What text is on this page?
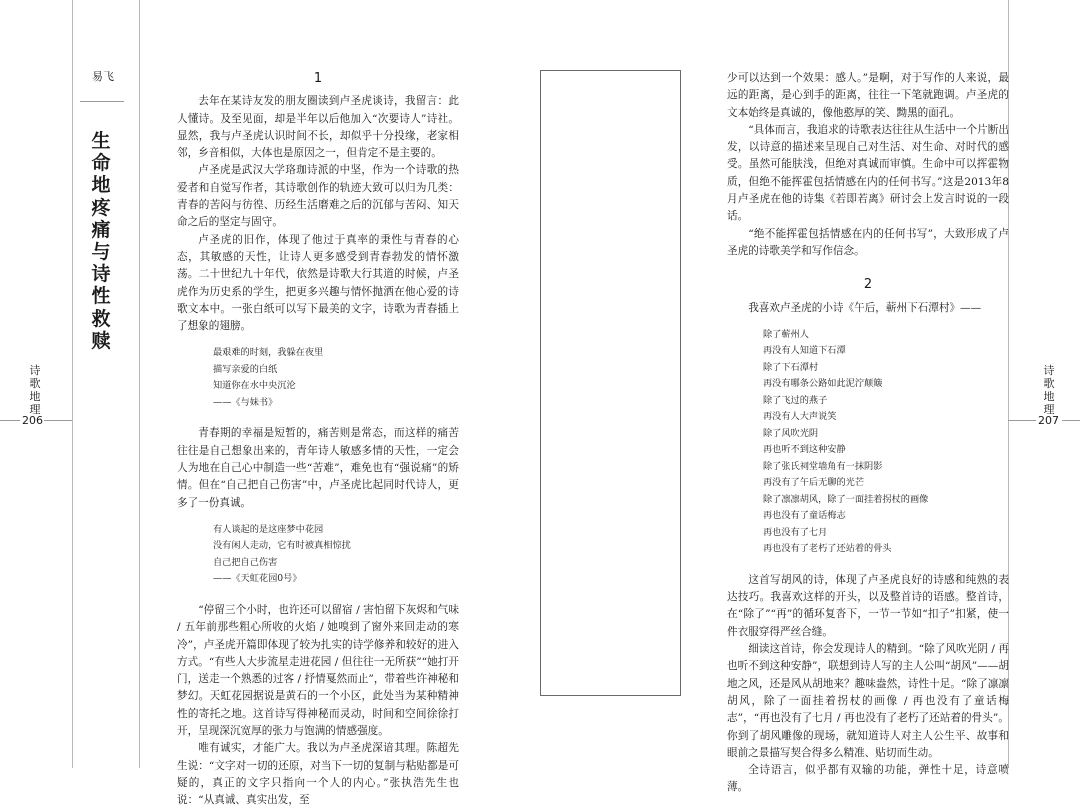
易飞
生
命
地
疼
痛
与
诗
性
救
赎
诗
歌
地
理
206
诗
歌
地
理
207
1

去年在某诗友发的朋友圈读到卢圣虎谈诗，我留言：此人懂诗。及至见面，却是半年以后他加入“次要诗人”诗社。显然，我与卢圣虎认识时间不长，却似乎十分投缘，老家相邻，乡音相似，大体也是原因之一，但肯定不是主要的。

卢圣虎是武汉大学珞珈诗派的中坚，作为一个诗歌的热爱者和自觉写作者，其诗歌创作的轨迹大致可以归为几类：青春的苦闷与彷徨、历经生活磨难之后的沉郁与苦闷、知天命之后的坚定与固守。

卢圣虎的旧作，体现了他过于真率的秉性与青春的心态，其敏感的天性，让诗人更多感受到青春勃发的情怀激荡。二十世纪九十年代，依然是诗歌大行其道的时候，卢圣虎作为历史系的学生，把更多兴趣与情怀抛洒在他心爱的诗歌文本中。一张白纸可以写下最美的文字，诗歌为青春插上了想象的翅膀。

最艰难的时刻，我躲在夜里
描写亲爱的白纸
知道你在水中央沉沦
——《与妹书》

青春期的幸福是短暂的，痛苦则是常态，而这样的痛苦往往是自己想象出来的，青年诗人敏感多情的天性，一定会人为地在自己心中制造一些“苦难”，难免也有“强说痛”的矫情。但在“自己把自己伤害”中，卢圣虎比起同时代诗人，更多了一份真诚。

有人谈起的是这座梦中花园
没有闲人走动，它有时被真相惊扰
自己把自己伤害
——《天虹花园0号》

“停留三个小时，也许还可以留宿 / 害怕留下灰烬和气味 / 五年前那些粗心所收的火焰 / 她嗅到了窗外来回走动的寒冷”，卢圣虎开篇即体现了较为扎实的诗学修养和较好的进入方式。“有些人大步流星走进花园 / 但往往一无所获”“她打开门，送走一个熟悉的过客 / 抒情戛然而止”，带着些许神秘和梦幻。天虹花园据说是黄石的一个小区，此处当为某种精神性的寄托之地。这首诗写得神秘而灵动，时间和空间徐徐打开，呈现深沉宽厚的张力与饱满的情感强度。

唯有诚实，才能广大。我以为卢圣虎深谙其理。陈超先生说：“文字对一切的还原，对当下一切的复制与粘贴都是可疑的，真正的文字只指向一个人的内心。”张执浩先生也说：“从真诚、真实出发，至

少可以达到一个效果：感人。”是啊，对于写作的人来说，最远的距离，是心到手的距离，往往一下笔就跑调。卢圣虎的文本始终是真诚的，像他憨厚的笑、黝黑的面孔。

“具体而言，我追求的诗歌表达往往从生活中一个片断出发，以诗意的描述来呈现自己对生活、对生命、对时代的感受。虽然可能肤浅，但绝对真诚而审慎。生命中可以挥霍物质，但绝不能挥霍包括情感在内的任何书写。”这是2013年8月卢圣虎在他的诗集《若即若离》研讨会上发言时说的一段话。

“绝不能挥霍包括情感在内的任何书写”，大致形成了卢圣虎的诗歌美学和写作信念。

2

我喜欢卢圣虎的小诗《午后，蕲州下石潭村》——

除了蕲州人
再没有人知道下石潭
除了下石潭村
再没有哪条公路如此泥泞颠簸
除了飞过的燕子
再没有人大声说笑
除了风吹光阴
再也听不到这种安静
除了张氏祠堂墙角有一抹阴影
再没有了午后无聊的光芒
除了凛凛胡风，除了一面挂着拐杖的画像
再也没有了童话梅志
再也没有了七月
再也没有了老朽了还站着的骨头

这首写胡风的诗，体现了卢圣虎良好的诗感和纯熟的表达技巧。我喜欢这样的开头，以及整首诗的语感。整首诗，在“除了”“再”的循环复沓下，一节一节如“扣子”扣紧，使一件衣服穿得严丝合缝。

细读这首诗，你会发现诗人的精到。“除了风吹光阴 / 再也听不到这种安静”，联想到诗人写的主人公叫“胡风”——胡地之风，还是风从胡地来？趣味盎然，诗性十足。“除了凛凛胡风，除了一面挂着拐杖的画像 / 再也没有了童话梅志”，“再也没有了七月 / 再也没有了老朽了还站着的骨头”。你到了胡风雕像的现场，就知道诗人对主人公生平、故事和眼前之景描写契合得多么精准、贴切而生动。

全诗语言，似乎都有双输的功能，弹性十足，诗意喷薄。
